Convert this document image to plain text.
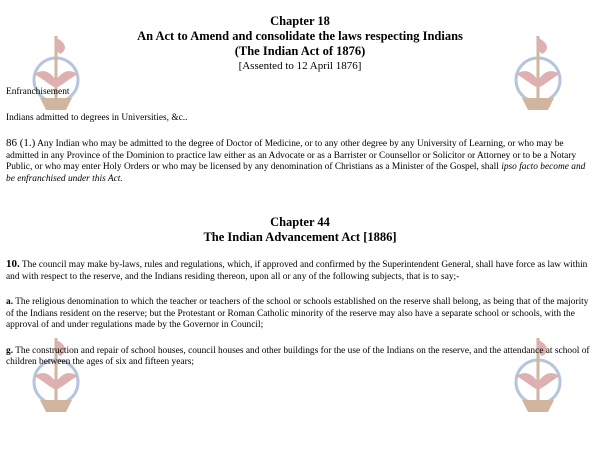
Chapter 18

An Act to Amend and consolidate the laws respecting Indians

(The Indian Act of 1876)

[Assented to 12 April 1876]

Enfranchisement

Indians admitted to degrees in Universities, &c..

86 (1.) Any Indian who may be admitted to the degree of Doctor of Medicine, or to any other degree by any University of Learning, or who may be admitted in any Province of the Dominion to practice law either as an Advocate or as a Barrister or Counsellor or Solicitor or Attorney or to be a Notary Public, or who may enter Holy Orders or who may be licensed by any denomination of Christians as a Minister of the Gospel, shall ipso facto become and be enfranchised under this Act.

Chapter 44

The Indian Advancement Act [1886]

10. The council may make by-laws, rules and regulations, which, if approved and confirmed by the Superintendent General, shall have force as law within and with respect to the reserve, and the Indians residing thereon, upon all or any of the following subjects, that is to say;-

a. The religious denomination to which the teacher or teachers of the school or schools established on the reserve shall belong, as being that of the majority of the Indians resident on the reserve; but the Protestant or Roman Catholic minority of the reserve may also have a separate school or schools, with the approval of and under regulations made by the Governor in Council;

g. The construction and repair of school houses, council houses and other buildings for the use of the Indians on the reserve, and the attendance at school of children between the ages of six and fifteen years;
